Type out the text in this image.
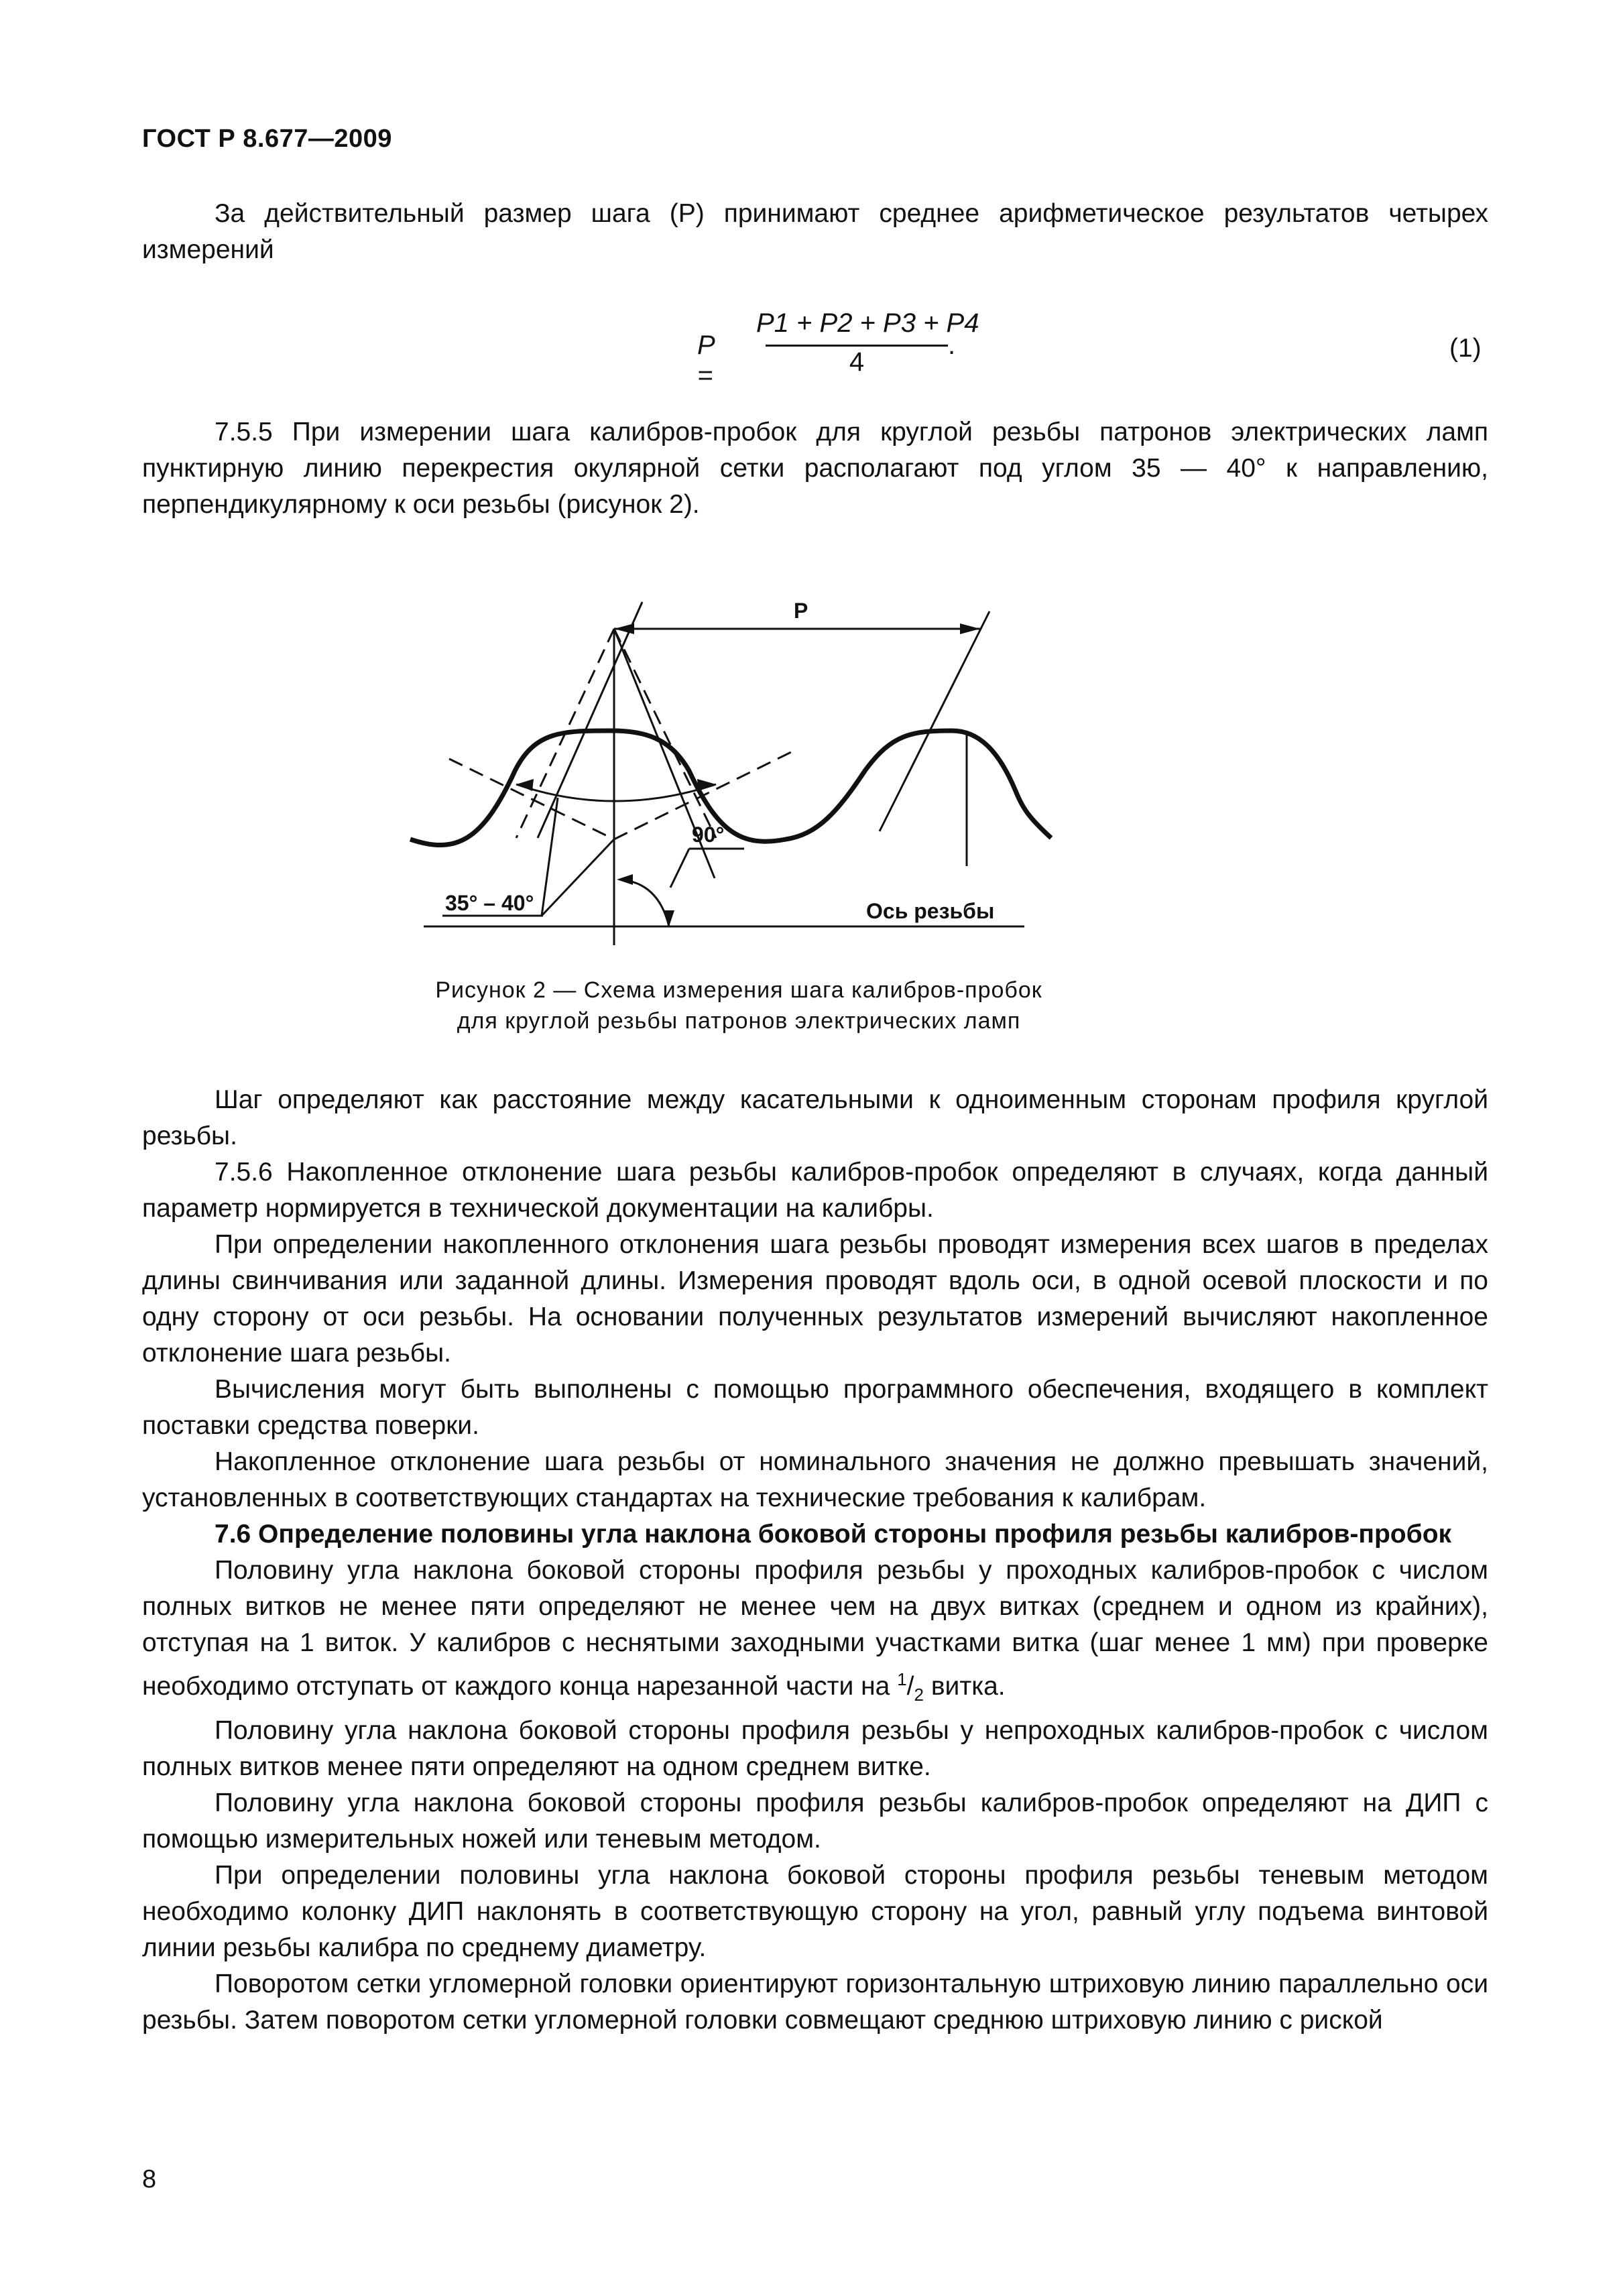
ГОСТ Р 8.677—2009

За действительный размер шага (P) принимают среднее арифметическое результатов четырех измерений

P =
P1 + P2 + P3 + P4
4
.	(1)

7.5.5 При измерении шага калибров-пробок для круглой резьбы патронов электрических ламп пунктирную линию перекрестия окулярной сетки располагают под углом 35 — 40° к направлению, перпендикулярному к оси резьбы (рисунок 2).

P
90°
35° – 40°	Ось резьбы
Рисунок 2 — Схема измерения шага калибров-пробок
для круглой резьбы патронов электрических ламп

Шаг определяют как расстояние между касательными к одноименным сторонам профиля круглой резьбы.

7.5.6 Накопленное отклонение шага резьбы калибров-пробок определяют в случаях, когда данный параметр нормируется в технической документации на калибры.

При определении накопленного отклонения шага резьбы проводят измерения всех шагов в пределах длины свинчивания или заданной длины. Измерения проводят вдоль оси, в одной осевой плоскости и по одну сторону от оси резьбы. На основании полученных результатов измерений вычисляют накопленное отклонение шага резьбы.

Вычисления могут быть выполнены с помощью программного обеспечения, входящего в комплект поставки средства поверки.

Накопленное отклонение шага резьбы от номинального значения не должно превышать значений, установленных в соответствующих стандартах на технические требования к калибрам.

7.6 Определение половины угла наклона боковой стороны профиля резьбы калибров-пробок

Половину угла наклона боковой стороны профиля резьбы у проходных калибров-пробок с числом полных витков не менее пяти определяют не менее чем на двух витках (среднем и одном из крайних), отступая на 1 виток. У калибров с неснятыми заходными участками витка (шаг менее 1 мм) при проверке необходимо отступать от каждого конца нарезанной части на $^1/_2$ витка.

Половину угла наклона боковой стороны профиля резьбы у непроходных калибров-пробок с числом полных витков менее пяти определяют на одном среднем витке.

Половину угла наклона боковой стороны профиля резьбы калибров-пробок определяют на ДИП с помощью измерительных ножей или теневым методом.

При определении половины угла наклона боковой стороны профиля резьбы теневым методом необходимо колонку ДИП наклонять в соответствующую сторону на угол, равный углу подъема винтовой линии резьбы калибра по среднему диаметру.

Поворотом сетки угломерной головки ориентируют горизонтальную штриховую линию параллельно оси резьбы. Затем поворотом сетки угломерной головки совмещают среднюю штриховую линию с риской

8
